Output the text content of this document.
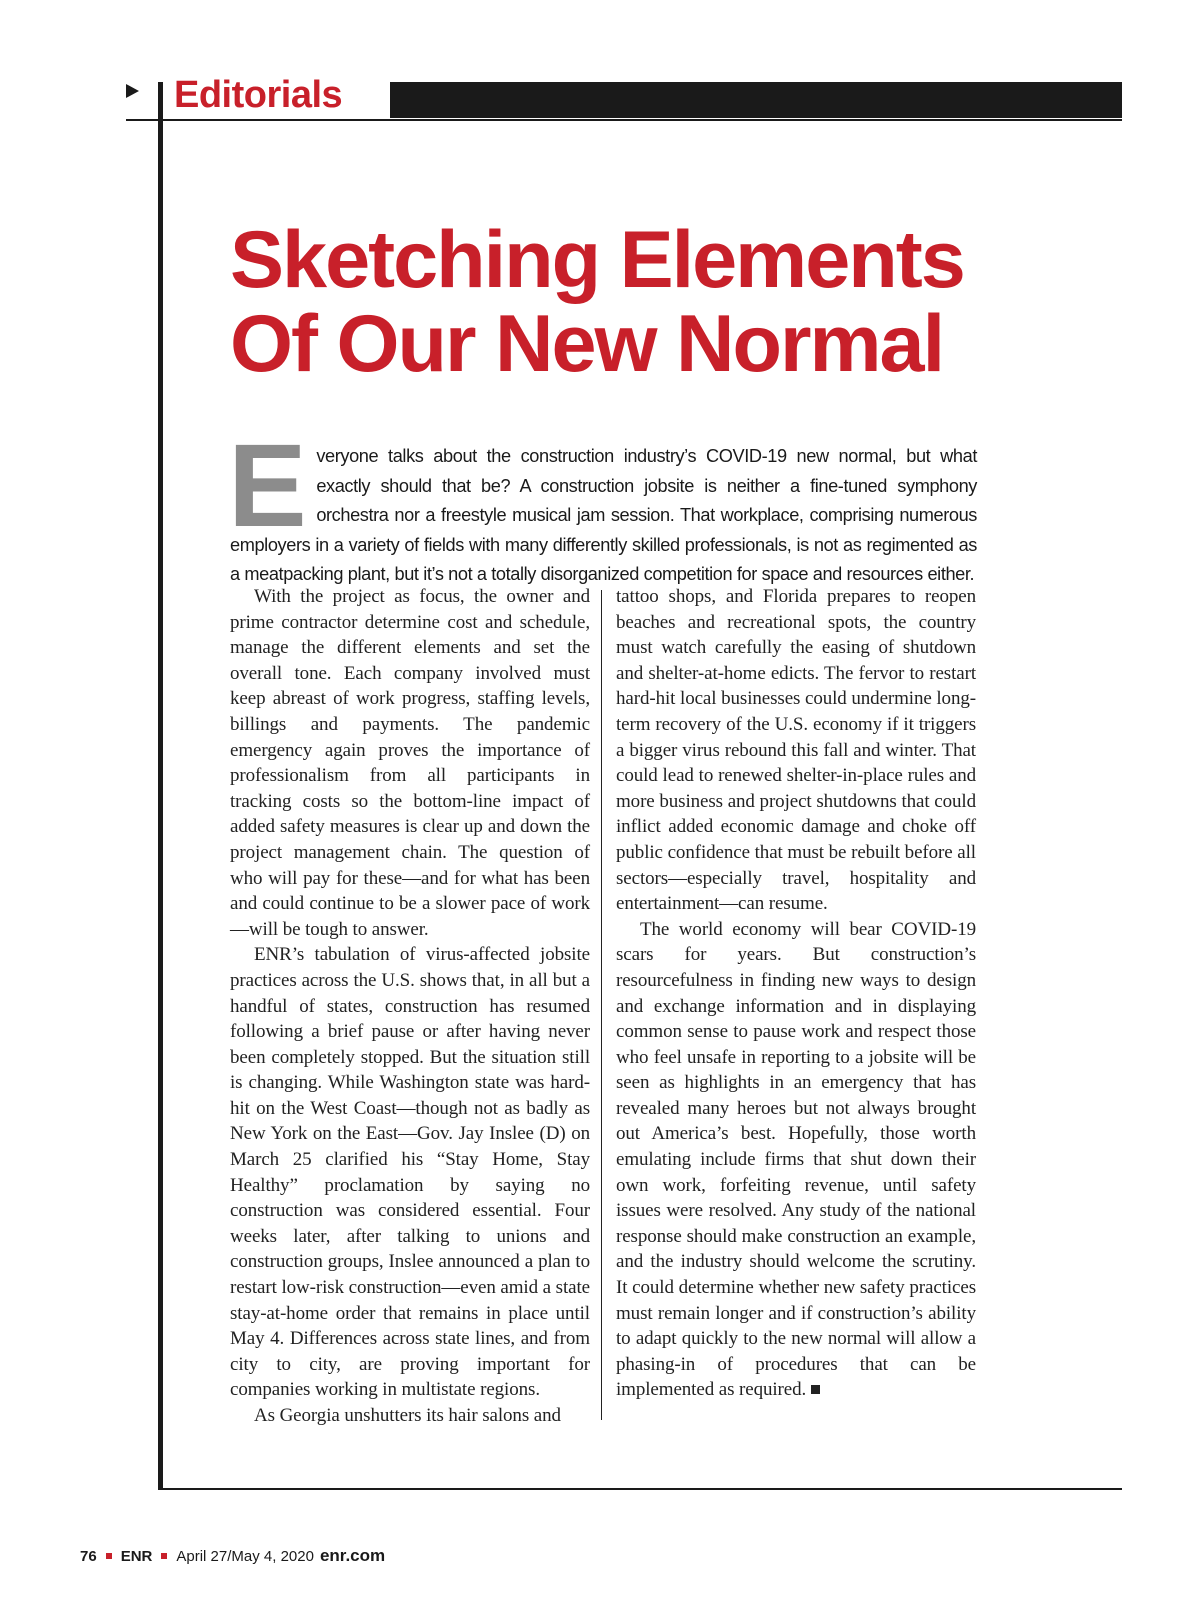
Editorials
Sketching Elements
Of Our New Normal

Everyone talks about the construction industry’s COVID-19 new normal, but what exactly should that be? A construction jobsite is neither a fine-tuned symphony orchestra nor a freestyle musical jam session. That workplace, comprising numerous employers in a variety of fields with many differently skilled professionals, is not as regimented as a meatpacking plant, but it’s not a totally disorganized competition for space and resources either.

With the project as focus, the owner and prime contractor determine cost and schedule, manage the different elements and set the overall tone. Each company involved must keep abreast of work progress, staffing levels, billings and payments. The pandemic emergency again proves the importance of professionalism from all participants in tracking costs so the bottom-line impact of added safety measures is clear up and down the project management chain. The question of who will pay for these—and for what has been and could continue to be a slower pace of work—will be tough to answer.

ENR’s tabulation of virus-affected jobsite practices across the U.S. shows that, in all but a handful of states, construction has resumed following a brief pause or after having never been completely stopped. But the situation still is changing. While Washington state was hard-hit on the West Coast—though not as badly as New York on the East—Gov. Jay Inslee (D) on March 25 clarified his “Stay Home, Stay Healthy” proclamation by saying no construction was considered essential. Four weeks later, after talking to unions and construction groups, Inslee announced a plan to restart low-risk construction—even amid a state stay-at-home order that remains in place until May 4. Differences across state lines, and from city to city, are proving important for companies working in multistate regions.

As Georgia unshutters its hair salons and

tattoo shops, and Florida prepares to reopen beaches and recreational spots, the country must watch carefully the easing of shutdown and shelter-at-home edicts. The fervor to restart hard-hit local businesses could undermine long-term recovery of the U.S. economy if it triggers a bigger virus rebound this fall and winter. That could lead to renewed shelter-in-place rules and more business and project shutdowns that could inflict added economic damage and choke off public confidence that must be rebuilt before all sectors—especially travel, hospitality and entertainment—can resume.

The world economy will bear COVID-19 scars for years. But construction’s resourcefulness in finding new ways to design and exchange information and in displaying common sense to pause work and respect those who feel unsafe in reporting to a jobsite will be seen as highlights in an emergency that has revealed many heroes but not always brought out America’s best. Hopefully, those worth emulating include firms that shut down their own work, forfeiting revenue, until safety issues were resolved. Any study of the national response should make construction an example, and the industry should welcome the scrutiny. It could determine whether new safety practices must remain longer and if construction’s ability to adapt quickly to the new normal will allow a phasing-in of procedures that can be implemented as required.

76 ENR April 27/May 4, 2020 enr.com
